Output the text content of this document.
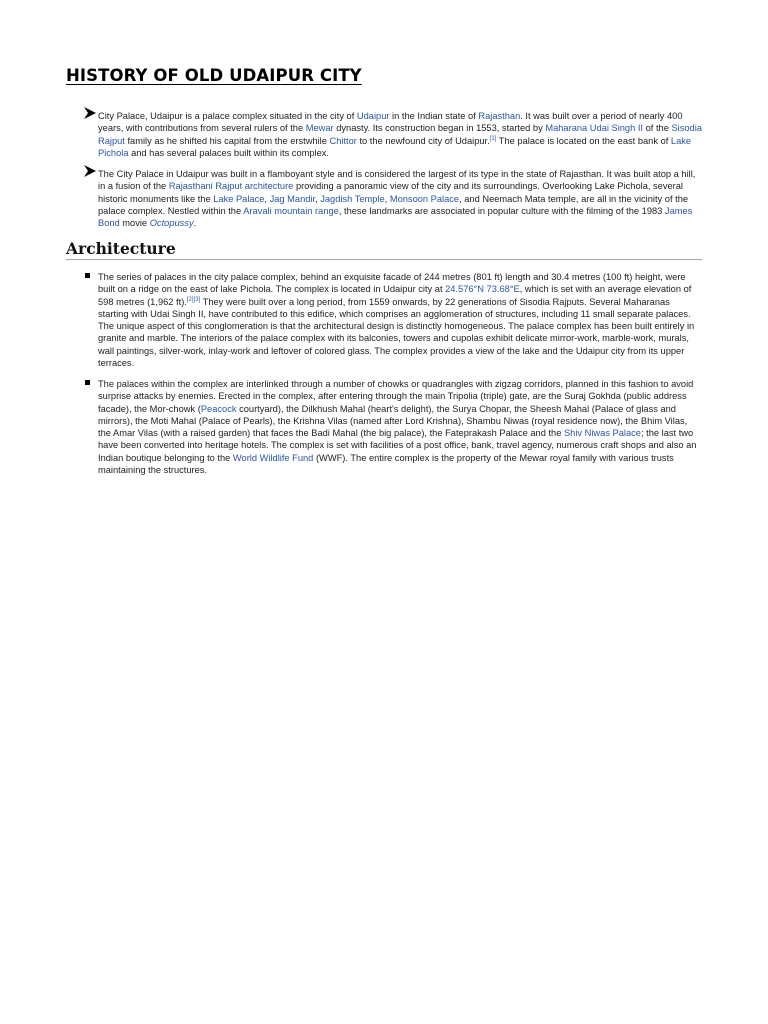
HISTORY OF OLD UDAIPUR CITY

City Palace, Udaipur is a palace complex situated in the city of Udaipur in the Indian state of Rajasthan. It was built over a period of nearly 400 years, with contributions from several rulers of the Mewar dynasty. Its construction began in 1553, started by Maharana Udai Singh II of the Sisodia Rajput family as he shifted his capital from the erstwhile Chittor to the newfound city of Udaipur.[1] The palace is located on the east bank of Lake Pichola and has several palaces built within its complex.

The City Palace in Udaipur was built in a flamboyant style and is considered the largest of its type in the state of Rajasthan. It was built atop a hill, in a fusion of the Rajasthani Rajput architecture providing a panoramic view of the city and its surroundings. Overlooking Lake Pichola, several historic monuments like the Lake Palace, Jag Mandir, Jagdish Temple, Monsoon Palace, and Neemach Mata temple, are all in the vicinity of the palace complex. Nestled within the Aravali mountain range, these landmarks are associated in popular culture with the filming of the 1983 James Bond movie Octopussy.

Architecture

The series of palaces in the city palace complex, behind an exquisite facade of 244 metres (801 ft) length and 30.4 metres (100 ft) height, were built on a ridge on the east of lake Pichola. The complex is located in Udaipur city at 24.576°N 73.68°E, which is set with an average elevation of 598 metres (1,962 ft).[2][3] They were built over a long period, from 1559 onwards, by 22 generations of Sisodia Rajputs. Several Maharanas starting with Udai Singh II, have contributed to this edifice, which comprises an agglomeration of structures, including 11 small separate palaces. The unique aspect of this conglomeration is that the architectural design is distinctly homogeneous. The palace complex has been built entirely in granite and marble. The interiors of the palace complex with its balconies, towers and cupolas exhibit delicate mirror-work, marble-work, murals, wall paintings, silver-work, inlay-work and leftover of colored glass. The complex provides a view of the lake and the Udaipur city from its upper terraces.

The palaces within the complex are interlinked through a number of chowks or quadrangles with zigzag corridors, planned in this fashion to avoid surprise attacks by enemies. Erected in the complex, after entering through the main Tripolia (triple) gate, are the Suraj Gokhda (public address facade), the Mor-chowk (Peacock courtyard), the Dilkhush Mahal (heart's delight), the Surya Chopar, the Sheesh Mahal (Palace of glass and mirrors), the Moti Mahal (Palace of Pearls), the Krishna Vilas (named after Lord Krishna), Shambu Niwas (royal residence now), the Bhim Vilas, the Amar Vilas (with a raised garden) that faces the Badi Mahal (the big palace), the Fateprakash Palace and the Shiv Niwas Palace; the last two have been converted into heritage hotels. The complex is set with facilities of a post office, bank, travel agency, numerous craft shops and also an Indian boutique belonging to the World Wildlife Fund (WWF). The entire complex is the property of the Mewar royal family with various trusts maintaining the structures.
